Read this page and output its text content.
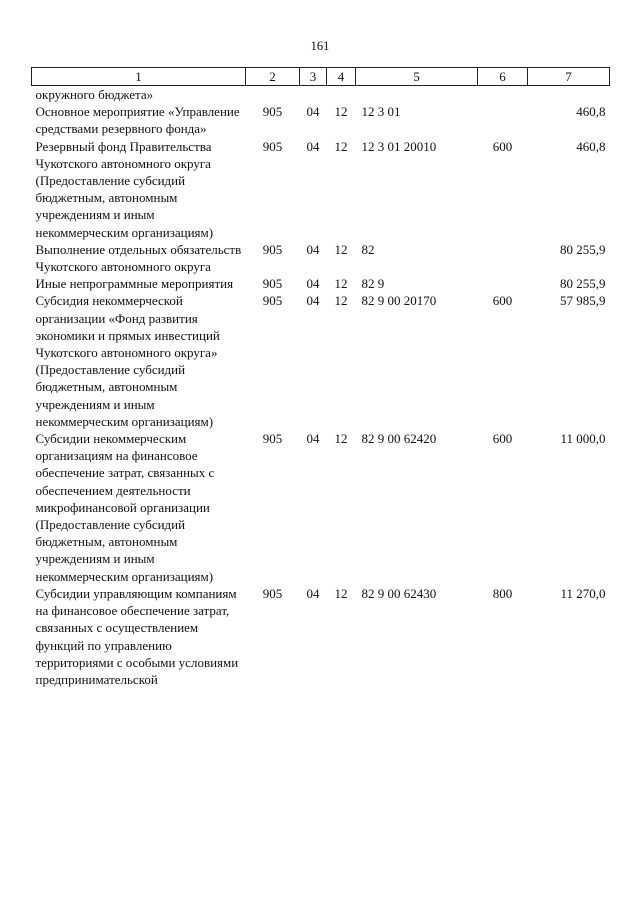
161
1	2	3	4	5	6	7
окружного бюджета»						
Основное мероприятие «Управление средствами резервного фонда»	905	04	12	12 3 01		460,8
Резервный фонд Правительства Чукотского автономного округа (Предоставление субсидий бюджетным, автономным учреждениям и иным некоммерческим организациям)	905	04	12	12 3 01 20010	600	460,8
Выполнение отдельных обязательств Чукотского автономного округа	905	04	12	82		80 255,9
Иные непрограммные мероприятия	905	04	12	82 9		80 255,9
Субсидия некоммерческой организации «Фонд развития экономики и прямых инвестиций Чукотского автономного округа» (Предоставление субсидий бюджетным, автономным учреждениям и иным некоммерческим организациям)	905	04	12	82 9 00 20170	600	57 985,9
Субсидии некоммерческим организациям на финансовое обеспечение затрат, связанных с обеспечением деятельности микрофинансовой организации (Предоставление субсидий бюджетным, автономным учреждениям и иным некоммерческим организациям)	905	04	12	82 9 00 62420	600	11 000,0
Субсидии управляющим компаниям на финансовое обеспечение затрат, связанных с осуществлением функций по управлению территориями с особыми условиями предпринимательской	905	04	12	82 9 00 62430	800	11 270,0
